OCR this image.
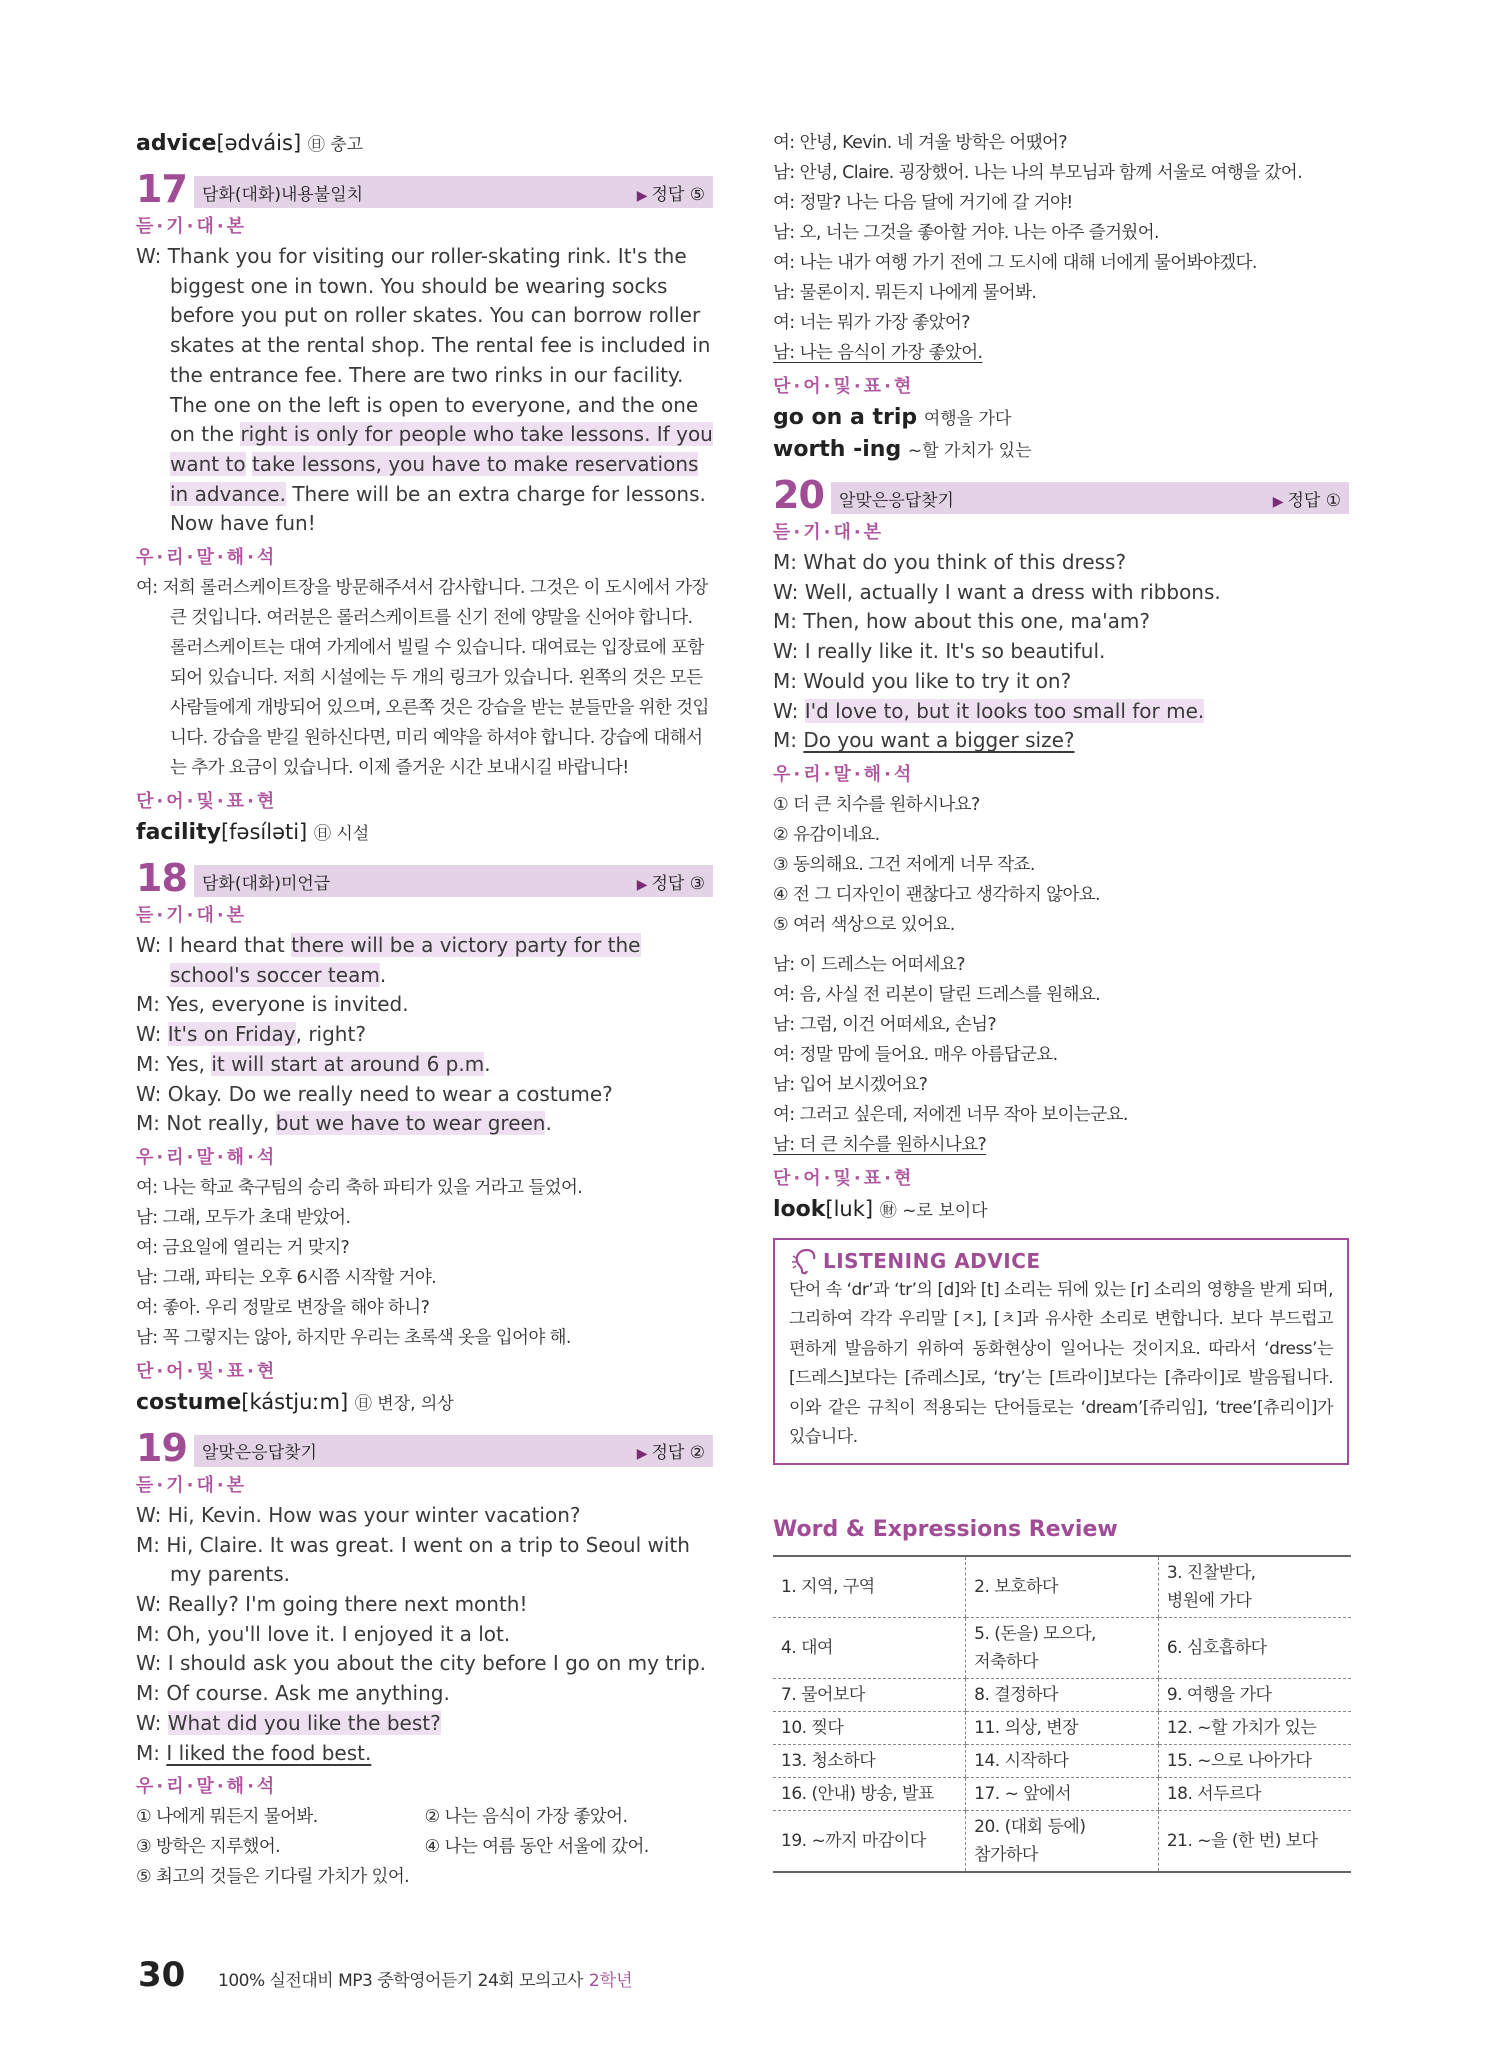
advice[ədváis] ㊐ 충고
17 담화(대화)내용불일치	▶ 정답 ⑤
듣·기·대·본
W: Thank you for visiting our roller-skating rink. It's the biggest one in town. You should be wearing socks before you put on roller skates. You can borrow roller skates at the rental shop. The rental fee is included in the entrance fee. There are two rinks in our facility. The one on the left is open to everyone, and the one on the right is only for people who take lessons. If you want to take lessons, you have to make reservations in advance. There will be an extra charge for lessons. Now have fun!
우·리·말·해·석
여: 저희 롤러스케이트장을 방문해주셔서 감사합니다. 그것은 이 도시에서 가장 큰 것입니다. 여러분은 롤러스케이트를 신기 전에 양말을 신어야 합니다. 롤러스케이트는 대여 가게에서 빌릴 수 있습니다. 대여료는 입장료에 포함되어 있습니다. 저희 시설에는 두 개의 링크가 있습니다. 왼쪽의 것은 모든 사람들에게 개방되어 있으며, 오른쪽 것은 강습을 받는 분들만을 위한 것입니다. 강습을 받길 원하신다면, 미리 예약을 하셔야 합니다. 강습에 대해서는 추가 요금이 있습니다. 이제 즐거운 시간 보내시길 바랍니다!
단·어·및·표·현
facility[fəsíləti] ㊐ 시설
18 담화(대화)미언급	▶ 정답 ③
듣·기·대·본
W: I heard that there will be a victory party for the school's soccer team.
M: Yes, everyone is invited.
W: It's on Friday, right?
M: Yes, it will start at around 6 p.m.
W: Okay. Do we really need to wear a costume?
M: Not really, but we have to wear green.
우·리·말·해·석
여: 나는 학교 축구팀의 승리 축하 파티가 있을 거라고 들었어.
남: 그래, 모두가 초대 받았어.
여: 금요일에 열리는 거 맞지?
남: 그래, 파티는 오후 6시쯤 시작할 거야.
여: 좋아. 우리 정말로 변장을 해야 하니?
남: 꼭 그렇지는 않아, 하지만 우리는 초록색 옷을 입어야 해.
단·어·및·표·현
costume[kástjuːm] ㊐ 변장, 의상
19 알맞은응답찾기	▶ 정답 ②
듣·기·대·본
W: Hi, Kevin. How was your winter vacation?
M: Hi, Claire. It was great. I went on a trip to Seoul with my parents.
W: Really? I'm going there next month!
M: Oh, you'll love it. I enjoyed it a lot.
W: I should ask you about the city before I go on my trip.
M: Of course. Ask me anything.
W: What did you like the best?
M: I liked the food best.
우·리·말·해·석
① 나에게 뭐든지 물어봐.	② 나는 음식이 가장 좋았어.
③ 방학은 지루했어.	④ 나는 여름 동안 서울에 갔어.
⑤ 최고의 것들은 기다릴 가치가 있어.
여: 안녕, Kevin. 네 겨울 방학은 어땠어?
남: 안녕, Claire. 굉장했어. 나는 나의 부모님과 함께 서울로 여행을 갔어.
여: 정말? 나는 다음 달에 거기에 갈 거야!
남: 오, 너는 그것을 좋아할 거야. 나는 아주 즐거웠어.
여: 나는 내가 여행 가기 전에 그 도시에 대해 너에게 물어봐야겠다.
남: 물론이지. 뭐든지 나에게 물어봐.
여: 너는 뭐가 가장 좋았어?
남: 나는 음식이 가장 좋았어.
단·어·및·표·현
go on a trip 여행을 가다
worth -ing ~할 가치가 있는
20 알맞은응답찾기	▶ 정답 ①
듣·기·대·본
M: What do you think of this dress?
W: Well, actually I want a dress with ribbons.
M: Then, how about this one, ma'am?
W: I really like it. It's so beautiful.
M: Would you like to try it on?
W: I'd love to, but it looks too small for me.
M: Do you want a bigger size?
우·리·말·해·석
① 더 큰 치수를 원하시나요?
② 유감이네요.
③ 동의해요. 그건 저에게 너무 작죠.
④ 전 그 디자인이 괜찮다고 생각하지 않아요.
⑤ 여러 색상으로 있어요.
남: 이 드레스는 어떠세요?
여: 음, 사실 전 리본이 달린 드레스를 원해요.
남: 그럼, 이건 어떠세요, 손님?
여: 정말 맘에 들어요. 매우 아름답군요.
남: 입어 보시겠어요?
여: 그러고 싶은데, 저에겐 너무 작아 보이는군요.
남: 더 큰 치수를 원하시나요?
단·어·및·표·현
look[luk] ㊖ ~로 보이다
LISTENING ADVICE
단어 속 ‘dr’과 ‘tr’의 [d]와 [t] 소리는 뒤에 있는 [r] 소리의 영향을 받게 되며, 그리하여 각각 우리말 [ㅈ], [ㅊ]과 유사한 소리로 변합니다. 보다 부드럽고 편하게 발음하기 위하여 동화현상이 일어나는 것이지요. 따라서 ‘dress’는 [드레스]보다는 [쥬레스]로, ‘try’는 [트라이]보다는 [츄라이]로 발음됩니다. 이와 같은 규칙이 적용되는 단어들로는 ‘dream’[쥬리임], ‘tree’[츄리이]가 있습니다.
Word & Expressions Review
1. 지역, 구역	2. 보호하다	3. 진찰받다,
병원에 가다
4. 대여	5. (돈을) 모으다,
저축하다	6. 심호흡하다
7. 물어보다	8. 결정하다	9. 여행을 가다
10. 찢다	11. 의상, 변장	12. ~할 가치가 있는
13. 청소하다	14. 시작하다	15. ~으로 나아가다
16. (안내) 방송, 발표	17. ~ 앞에서	18. 서두르다
19. ~까지 마감이다	20. (대회 등에)
참가하다	21. ~을 (한 번) 보다
30	100% 실전대비 MP3 중학영어듣기 24회 모의고사 2학년
